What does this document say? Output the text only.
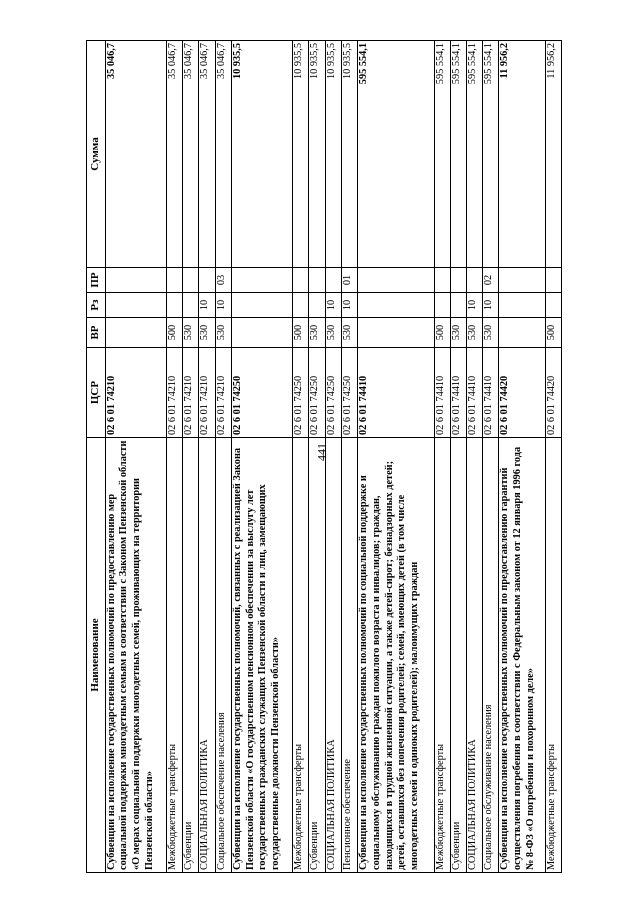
441
Наименование	ЦСР	ВР	Рз	ПР	Сумма
Субвенции на исполнение государственных полномочий по предоставлению мер социальной поддержки многодетным семьям в соответствии с Законом Пензенской области «О мерах социальной поддержки многодетных семей, проживающих на территории Пензенской области»	02 6 01 74210				35 046,7
Межбюджетные трансферты	02 6 01 74210	500			35 046,7
Субвенции	02 6 01 74210	530			35 046,7
СОЦИАЛЬНАЯ ПОЛИТИКА	02 6 01 74210	530	10		35 046,7
Социальное обеспечение населения	02 6 01 74210	530	10	03	35 046,7
Субвенции на исполнение государственных полномочий, связанных с реализацией Закона Пензенской области «О государственном пенсионном обеспечении за выслугу лет государственных гражданских служащих Пензенской области и лиц, замещающих государственные должности Пензенской области»	02 6 01 74250				10 935,5
Межбюджетные трансферты	02 6 01 74250	500			10 935,5
Субвенции	02 6 01 74250	530			10 935,5
СОЦИАЛЬНАЯ ПОЛИТИКА	02 6 01 74250	530	10		10 935,5
Пенсионное обеспечение	02 6 01 74250	530	10	01	10 935,5
Субвенции на исполнение государственных полномочий по социальной поддержке и социальному обслуживанию граждан пожилого возраста и инвалидов; граждан, находящихся в трудной жизненной ситуации, а также детей-сирот; безнадзорных детей; детей, оставшихся без попечения родителей; семей, имеющих детей (в том числе многодетных семей и одиноких родителей); малоимущих граждан	02 6 01 74410				595 554,1
Межбюджетные трансферты	02 6 01 74410	500			595 554,1
Субвенции	02 6 01 74410	530			595 554,1
СОЦИАЛЬНАЯ ПОЛИТИКА	02 6 01 74410	530	10		595 554,1
Социальное обслуживание населения	02 6 01 74410	530	10	02	595 554,1
Субвенции на исполнение государственных полномочий по предоставлению гарантий осуществления погребения в соответствии с Федеральным законом от 12 января 1996 года № 8-ФЗ «О погребении и похоронном деле»	02 6 01 74420				11 956,2
Межбюджетные трансферты	02 6 01 74420	500			11 956,2
